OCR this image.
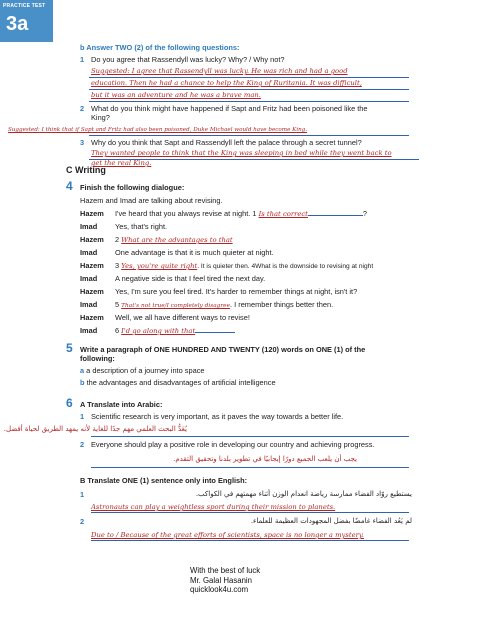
PRACTICE TEST
3a
b Answer TWO (2) of the following questions:
1 Do you agree that Rassendyll was lucky? Why? / Why not?
Suggested: I agree that Rassendyll was lucky. He was rich and had a good
education. Then he had a chance to help the King of Ruritania. It was difficult,
but it was an adventure and he was a brave man.
2 What do you think might have happened if Sapt and Fritz had been poisoned like the
King?
Suggested: I think that if Sapt and Fritz had also been poisoned, Duke Michael would have become King.
3 Why do you think that Sapt and Rassendyll left the palace through a secret tunnel?
They wanted people to think that the King was sleeping in bed while they went back to
get the real King.
C Writing
4 Finish the following dialogue:
Hazem and Imad are talking about revising.
Hazem I've heard that you always revise at night. 1 Is that correct	?
Imad Yes, that's right.
Hazem 2 What are the advantages to that
Imad One advantage is that it is much quieter at night.
Hazem 3 Yes, you're quite right. It is quieter then. 4What is the downside to revising at night
Imad A negative side is that I feel tired the next day.
Hazem Yes, I'm sure you feel tired. It's harder to remember things at night, isn't it?
Imad 5 That's not true/I completely disagree. I remember things better then.
Hazem Well, we all have different ways to revise!
Imad 6 I'd go along with that
5 Write a paragraph of ONE HUNDRED AND TWENTY (120) words on ONE (1) of the
following:
a a description of a journey into space
b the advantages and disadvantages of artificial intelligence
6 A Translate into Arabic:
1 Scientific research is very important, as it paves the way towards a better life.
يُعَدُّ البحث العلمي مهم جدًا للغاية لأنه يمهد الطريق لحياة أفضل.
2 Everyone should play a positive role in developing our country and achieving progress.
يجب أن يلعب الجميع دورًا إيجابيًا في تطوير بلدنا وتحقيق التقدم.
B Translate ONE (1) sentence only into English:
1	يستطيع روّاد الفضاء ممارسة رياضة انعدام الوزن أثناء مهمتهم في الكواكب.
Astronauts can play a weightless sport during their mission to planets.
2	لم يَعُد الفضاء غامضًا بفضل المجهودات العظيمة للعلماء.
Due to / Because of the great efforts of scientists, space is no longer a mystery.
With the best of luck
Mr. Galal Hasanin
quicklook4u.com
